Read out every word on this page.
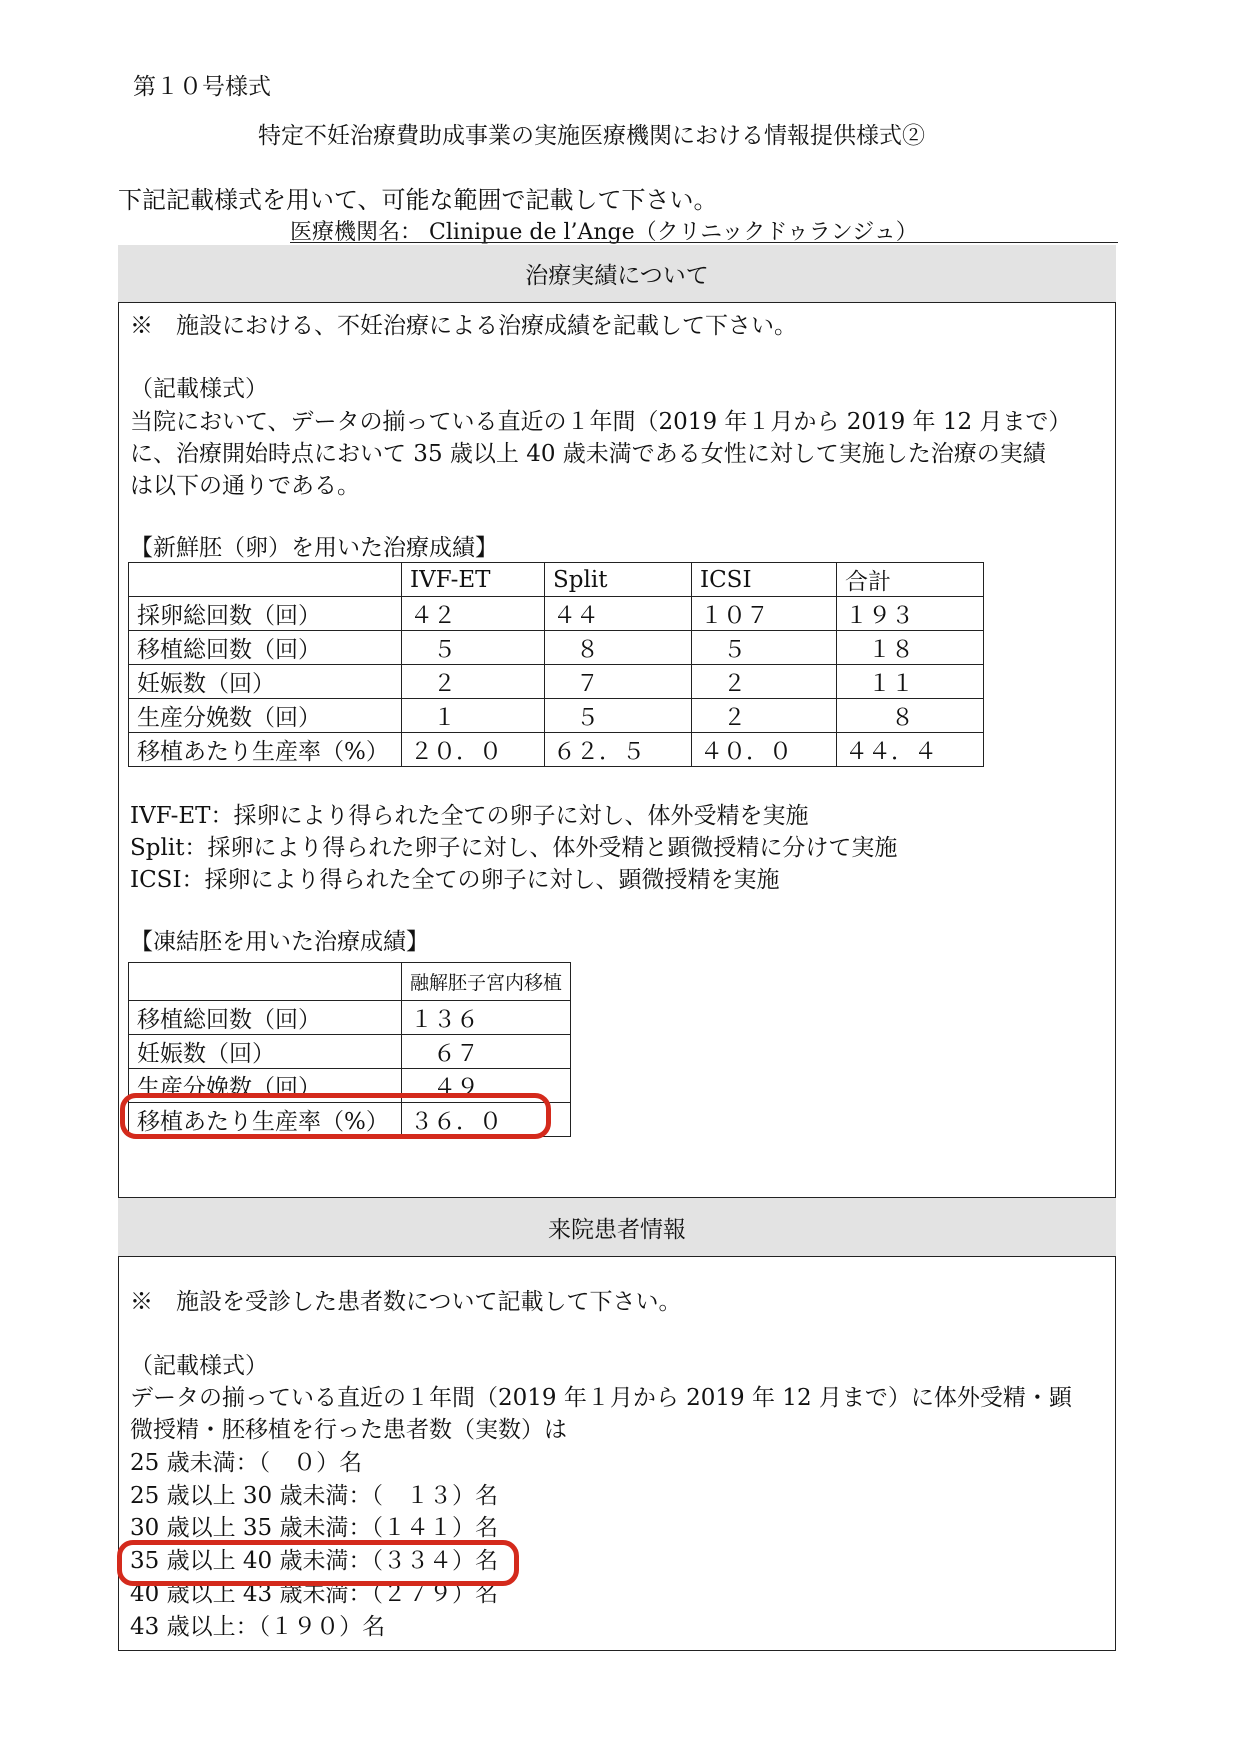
第１０号様式
特定不妊治療費助成事業の実施医療機関における情報提供様式②
下記記載様式を用いて、可能な範囲で記載して下さい。
医療機関名： Clinipue de l’Ange（クリニックドゥランジュ）
治療実績について
※　施設における、不妊治療による治療成績を記載して下さい。
（記載様式）
当院において、データの揃っている直近の１年間（2019 年１月から 2019 年 12 月まで）
に、治療開始時点において 35 歳以上 40 歳未満である女性に対して実施した治療の実績
は以下の通りである。
【新鮮胚（卵）を用いた治療成績】
	IVF-ET	Split	ICSI	合計
採卵総回数（回）	４２	４４	１０７	１９３
移植総回数（回）	　５	　８	　５	　１８
妊娠数（回）	　２	　７	　２	　１１
生産分娩数（回）	　１	　５	　２	　　８
移植あたり生産率（%）	２０．０	６２．５	４０．０	４４．４
IVF-ET：採卵により得られた全ての卵子に対し、体外受精を実施
Split：採卵により得られた卵子に対し、体外受精と顕微授精に分けて実施
ICSI：採卵により得られた全ての卵子に対し、顕微授精を実施
【凍結胚を用いた治療成績】
	融解胚子宮内移植
移植総回数（回）	１３６
妊娠数（回）	　６７
生産分娩数（回）	　４９
移植あたり生産率（%）	３６．０
来院患者情報
※　施設を受診した患者数について記載して下さい。
（記載様式）
データの揃っている直近の１年間（2019 年１月から 2019 年 12 月まで）に体外受精・顕
微授精・胚移植を行った患者数（実数）は
25 歳未満：（　０）名
25 歳以上 30 歳未満：（　１３）名
30 歳以上 35 歳未満：（１４１）名
35 歳以上 40 歳未満：（３３４）名
40 歳以上 43 歳未満：（２７９）名
43 歳以上：（１９０）名
